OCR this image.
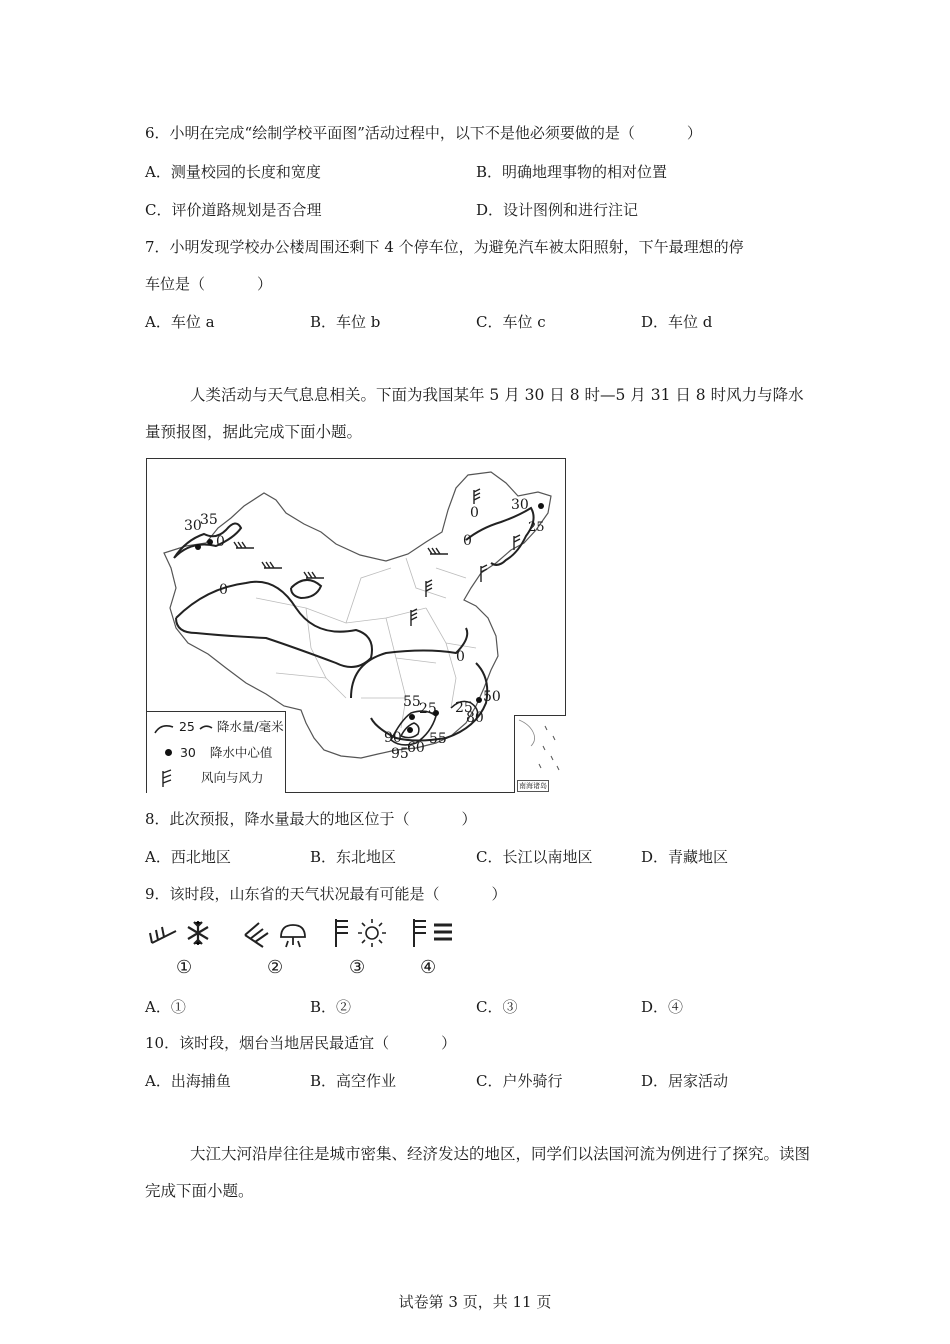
6．小明在完成“绘制学校平面图”活动过程中，以下不是他必须要做的是（	）
A．测量校园的长度和宽度	B．明确地理事物的相对位置
C．评价道路规划是否合理	D．设计图例和进行注记
7．小明发现学校办公楼周围还剩下 4 个停车位，为避免汽车被太阳照射，下午最理想的停
车位是（	）
A．车位 a	B．车位 b	C．车位 c	D．车位 d
人类活动与天气息息相关。下面为我国某年 5 月 30 日 8 时—5 月 31 日 8 时风力与降水量预报图，据此完成下面小题。
30
35
0
0
0
0
30
25
0
55
25 25
50
80
90
60
55
95
25 降水量/毫米
30 降水中心值
风向与风力
南海诸岛
8．此次预报，降水量最大的地区位于（	）
A．西北地区	B．东北地区	C．长江以南地区	D．青藏地区
9．该时段，山东省的天气状况最有可能是（	）
①	②	③	④
A．①	B．②	C．③	D．④
10．该时段，烟台当地居民最适宜（	）
A．出海捕鱼	B．高空作业	C．户外骑行	D．居家活动
大江大河沿岸往往是城市密集、经济发达的地区，同学们以法国河流为例进行了探究。读图完成下面小题。
试卷第 3 页，共 11 页
